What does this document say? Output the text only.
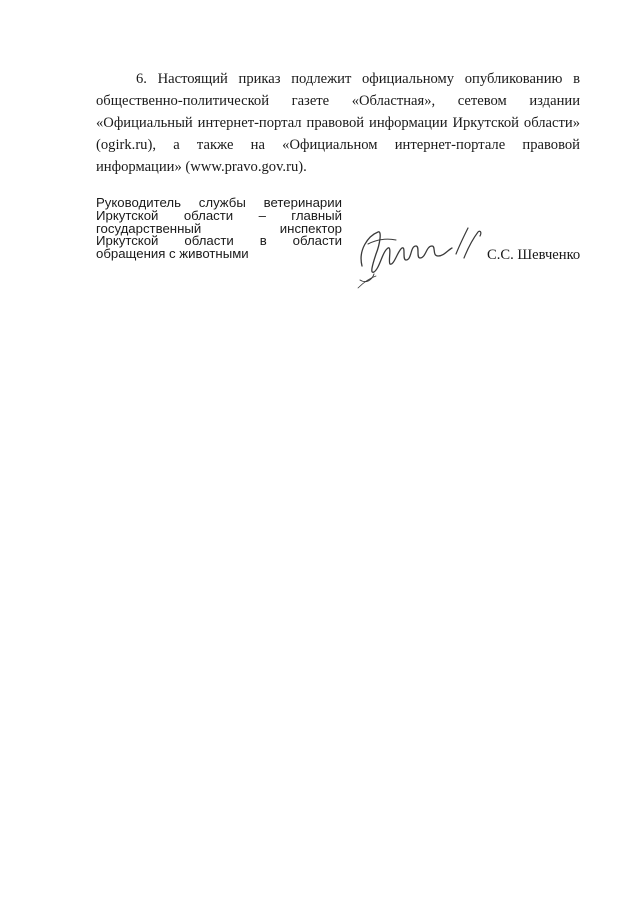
6. Настоящий приказ подлежит официальному опубликованию в
общественно-политической газете «Областная», сетевом издании
«Официальный интернет-портал правовой информации Иркутской области»
(ogirk.ru), а также на «Официальном интернет-портале правовой
информации» (www.pravo.gov.ru).
Руководитель службы ветеринарии
Иркутской области – главный
государственный инспектор
Иркутской области в области
обращения с животными	С.С. Шевченко
